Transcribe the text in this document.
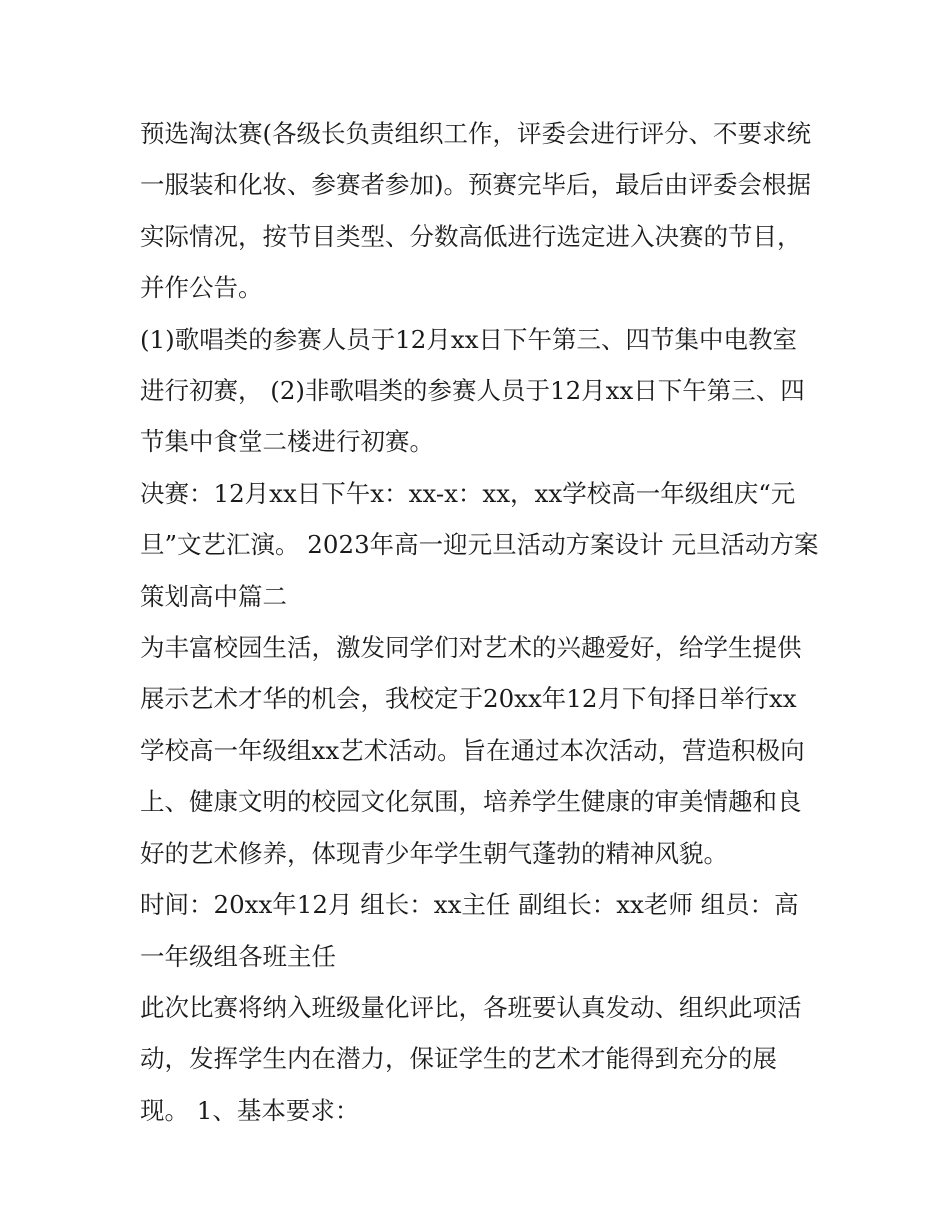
预选淘汰赛(各级长负责组织工作，评委会进行评分、不要求统一服装和化妆、参赛者参加)。预赛完毕后，最后由评委会根据实际情况，按节目类型、分数高低进行选定进入决赛的节目，并作公告。

(1)歌唱类的参赛人员于12月xx日下午第三、四节集中电教室进行初赛， (2)非歌唱类的参赛人员于12月xx日下午第三、四节集中食堂二楼进行初赛。

决赛：12月xx日下午x：xx-x：xx，xx学校高一年级组庆“元旦”文艺汇演。 2023年高一迎元旦活动方案设计 元旦活动方案策划高中篇二

为丰富校园生活，激发同学们对艺术的兴趣爱好，给学生提供展示艺术才华的机会，我校定于20xx年12月下旬择日举行xx学校高一年级组xx艺术活动。旨在通过本次活动，营造积极向上、健康文明的校园文化氛围，培养学生健康的审美情趣和良好的艺术修养，体现青少年学生朝气蓬勃的精神风貌。

时间：20xx年12月 组长：xx主任 副组长：xx老师 组员：高一年级组各班主任

此次比赛将纳入班级量化评比，各班要认真发动、组织此项活动，发挥学生内在潜力，保证学生的艺术才能得到充分的展现。 1、基本要求：
